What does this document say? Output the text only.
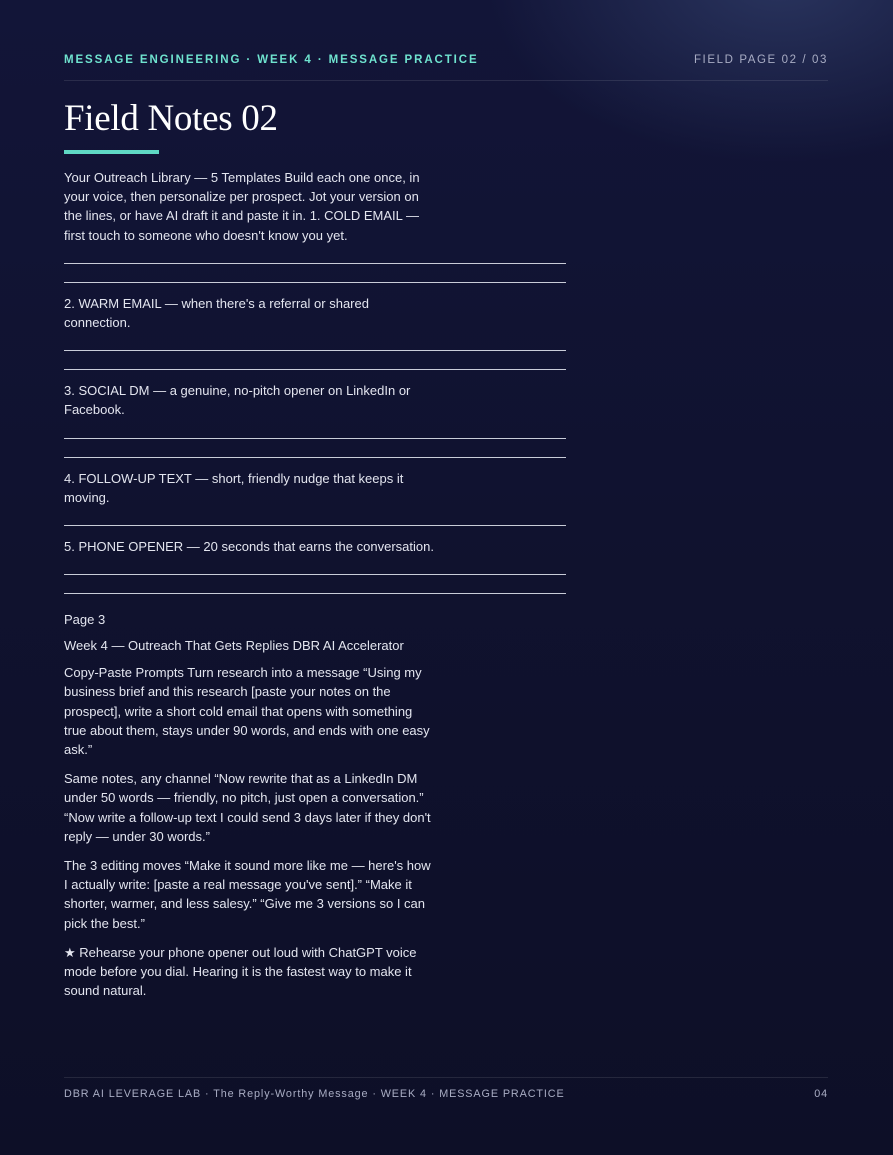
MESSAGE ENGINEERING · WEEK 4 · MESSAGE PRACTICE	FIELD PAGE 02 / 03
Field Notes 02
Your Outreach Library — 5 Templates Build each one once, in your voice, then personalize per prospect. Jot your version on the lines, or have AI draft it and paste it in. 1. COLD EMAIL — first touch to someone who doesn't know you yet.
2. WARM EMAIL — when there's a referral or shared connection.
3. SOCIAL DM — a genuine, no-pitch opener on LinkedIn or Facebook.
4. FOLLOW-UP TEXT — short, friendly nudge that keeps it moving.
5. PHONE OPENER — 20 seconds that earns the conversation.
Page 3
Week 4 — Outreach That Gets Replies DBR AI Accelerator
Copy-Paste Prompts Turn research into a message “Using my business brief and this research [paste your notes on the prospect], write a short cold email that opens with something true about them, stays under 90 words, and ends with one easy ask.”
Same notes, any channel “Now rewrite that as a LinkedIn DM under 50 words — friendly, no pitch, just open a conversation.” “Now write a follow-up text I could send 3 days later if they don't reply — under 30 words.”
The 3 editing moves “Make it sound more like me — here's how I actually write: [paste a real message you've sent].” “Make it shorter, warmer, and less salesy.” “Give me 3 versions so I can pick the best.”
★ Rehearse your phone opener out loud with ChatGPT voice mode before you dial. Hearing it is the fastest way to make it sound natural.
DBR AI LEVERAGE LAB · The Reply-Worthy Message · WEEK 4 · MESSAGE PRACTICE	04
